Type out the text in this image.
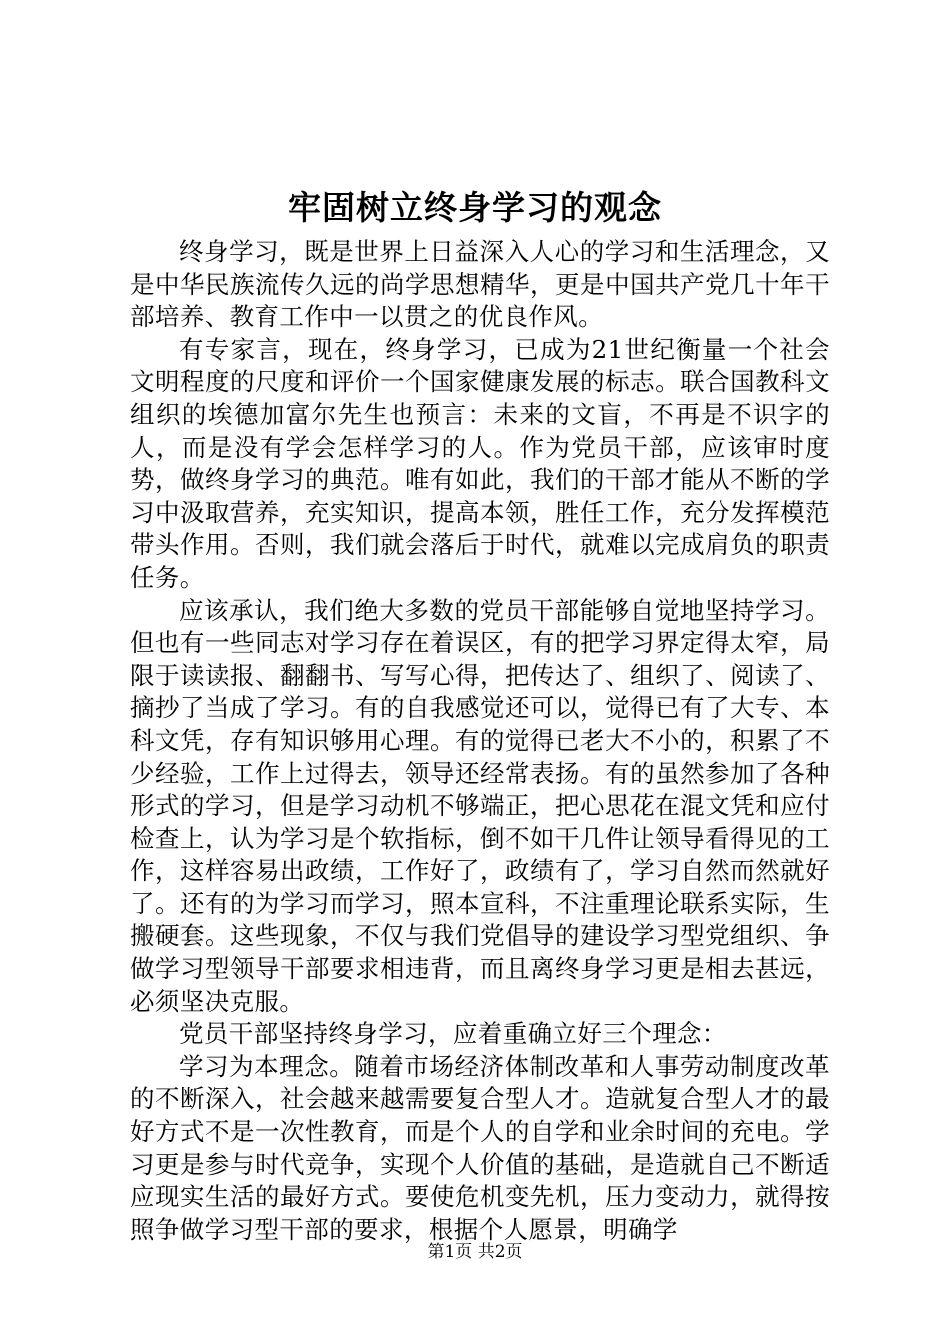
牢固树立终身学习的观念

终身学习，既是世界上日益深入人心的学习和生活理念，又是中华民族流传久远的尚学思想精华，更是中国共产党几十年干部培养、教育工作中一以贯之的优良作风。

有专家言，现在，终身学习，已成为21世纪衡量一个社会文明程度的尺度和评价一个国家健康发展的标志。联合国教科文组织的埃德加富尔先生也预言：未来的文盲，不再是不识字的人，而是没有学会怎样学习的人。作为党员干部，应该审时度势，做终身学习的典范。唯有如此，我们的干部才能从不断的学习中汲取营养，充实知识，提高本领，胜任工作，充分发挥模范带头作用。否则，我们就会落后于时代，就难以完成肩负的职责任务。

应该承认，我们绝大多数的党员干部能够自觉地坚持学习。但也有一些同志对学习存在着误区，有的把学习界定得太窄，局限于读读报、翻翻书、写写心得，把传达了、组织了、阅读了、摘抄了当成了学习。有的自我感觉还可以，觉得已有了大专、本科文凭，存有知识够用心理。有的觉得已老大不小的，积累了不少经验，工作上过得去，领导还经常表扬。有的虽然参加了各种形式的学习，但是学习动机不够端正，把心思花在混文凭和应付检查上，认为学习是个软指标，倒不如干几件让领导看得见的工作，这样容易出政绩，工作好了，政绩有了，学习自然而然就好了。还有的为学习而学习，照本宣科，不注重理论联系实际，生搬硬套。这些现象，不仅与我们党倡导的建设学习型党组织、争做学习型领导干部要求相违背，而且离终身学习更是相去甚远，必须坚决克服。

党员干部坚持终身学习，应着重确立好三个理念：

学习为本理念。随着市场经济体制改革和人事劳动制度改革的不断深入，社会越来越需要复合型人才。造就复合型人才的最好方式不是一次性教育，而是个人的自学和业余时间的充电。学习更是参与时代竞争，实现个人价值的基础，是造就自己不断适应现实生活的最好方式。要使危机变先机，压力变动力，就得按照争做学习型干部的要求，根据个人愿景，明确学

第1页 共2页
